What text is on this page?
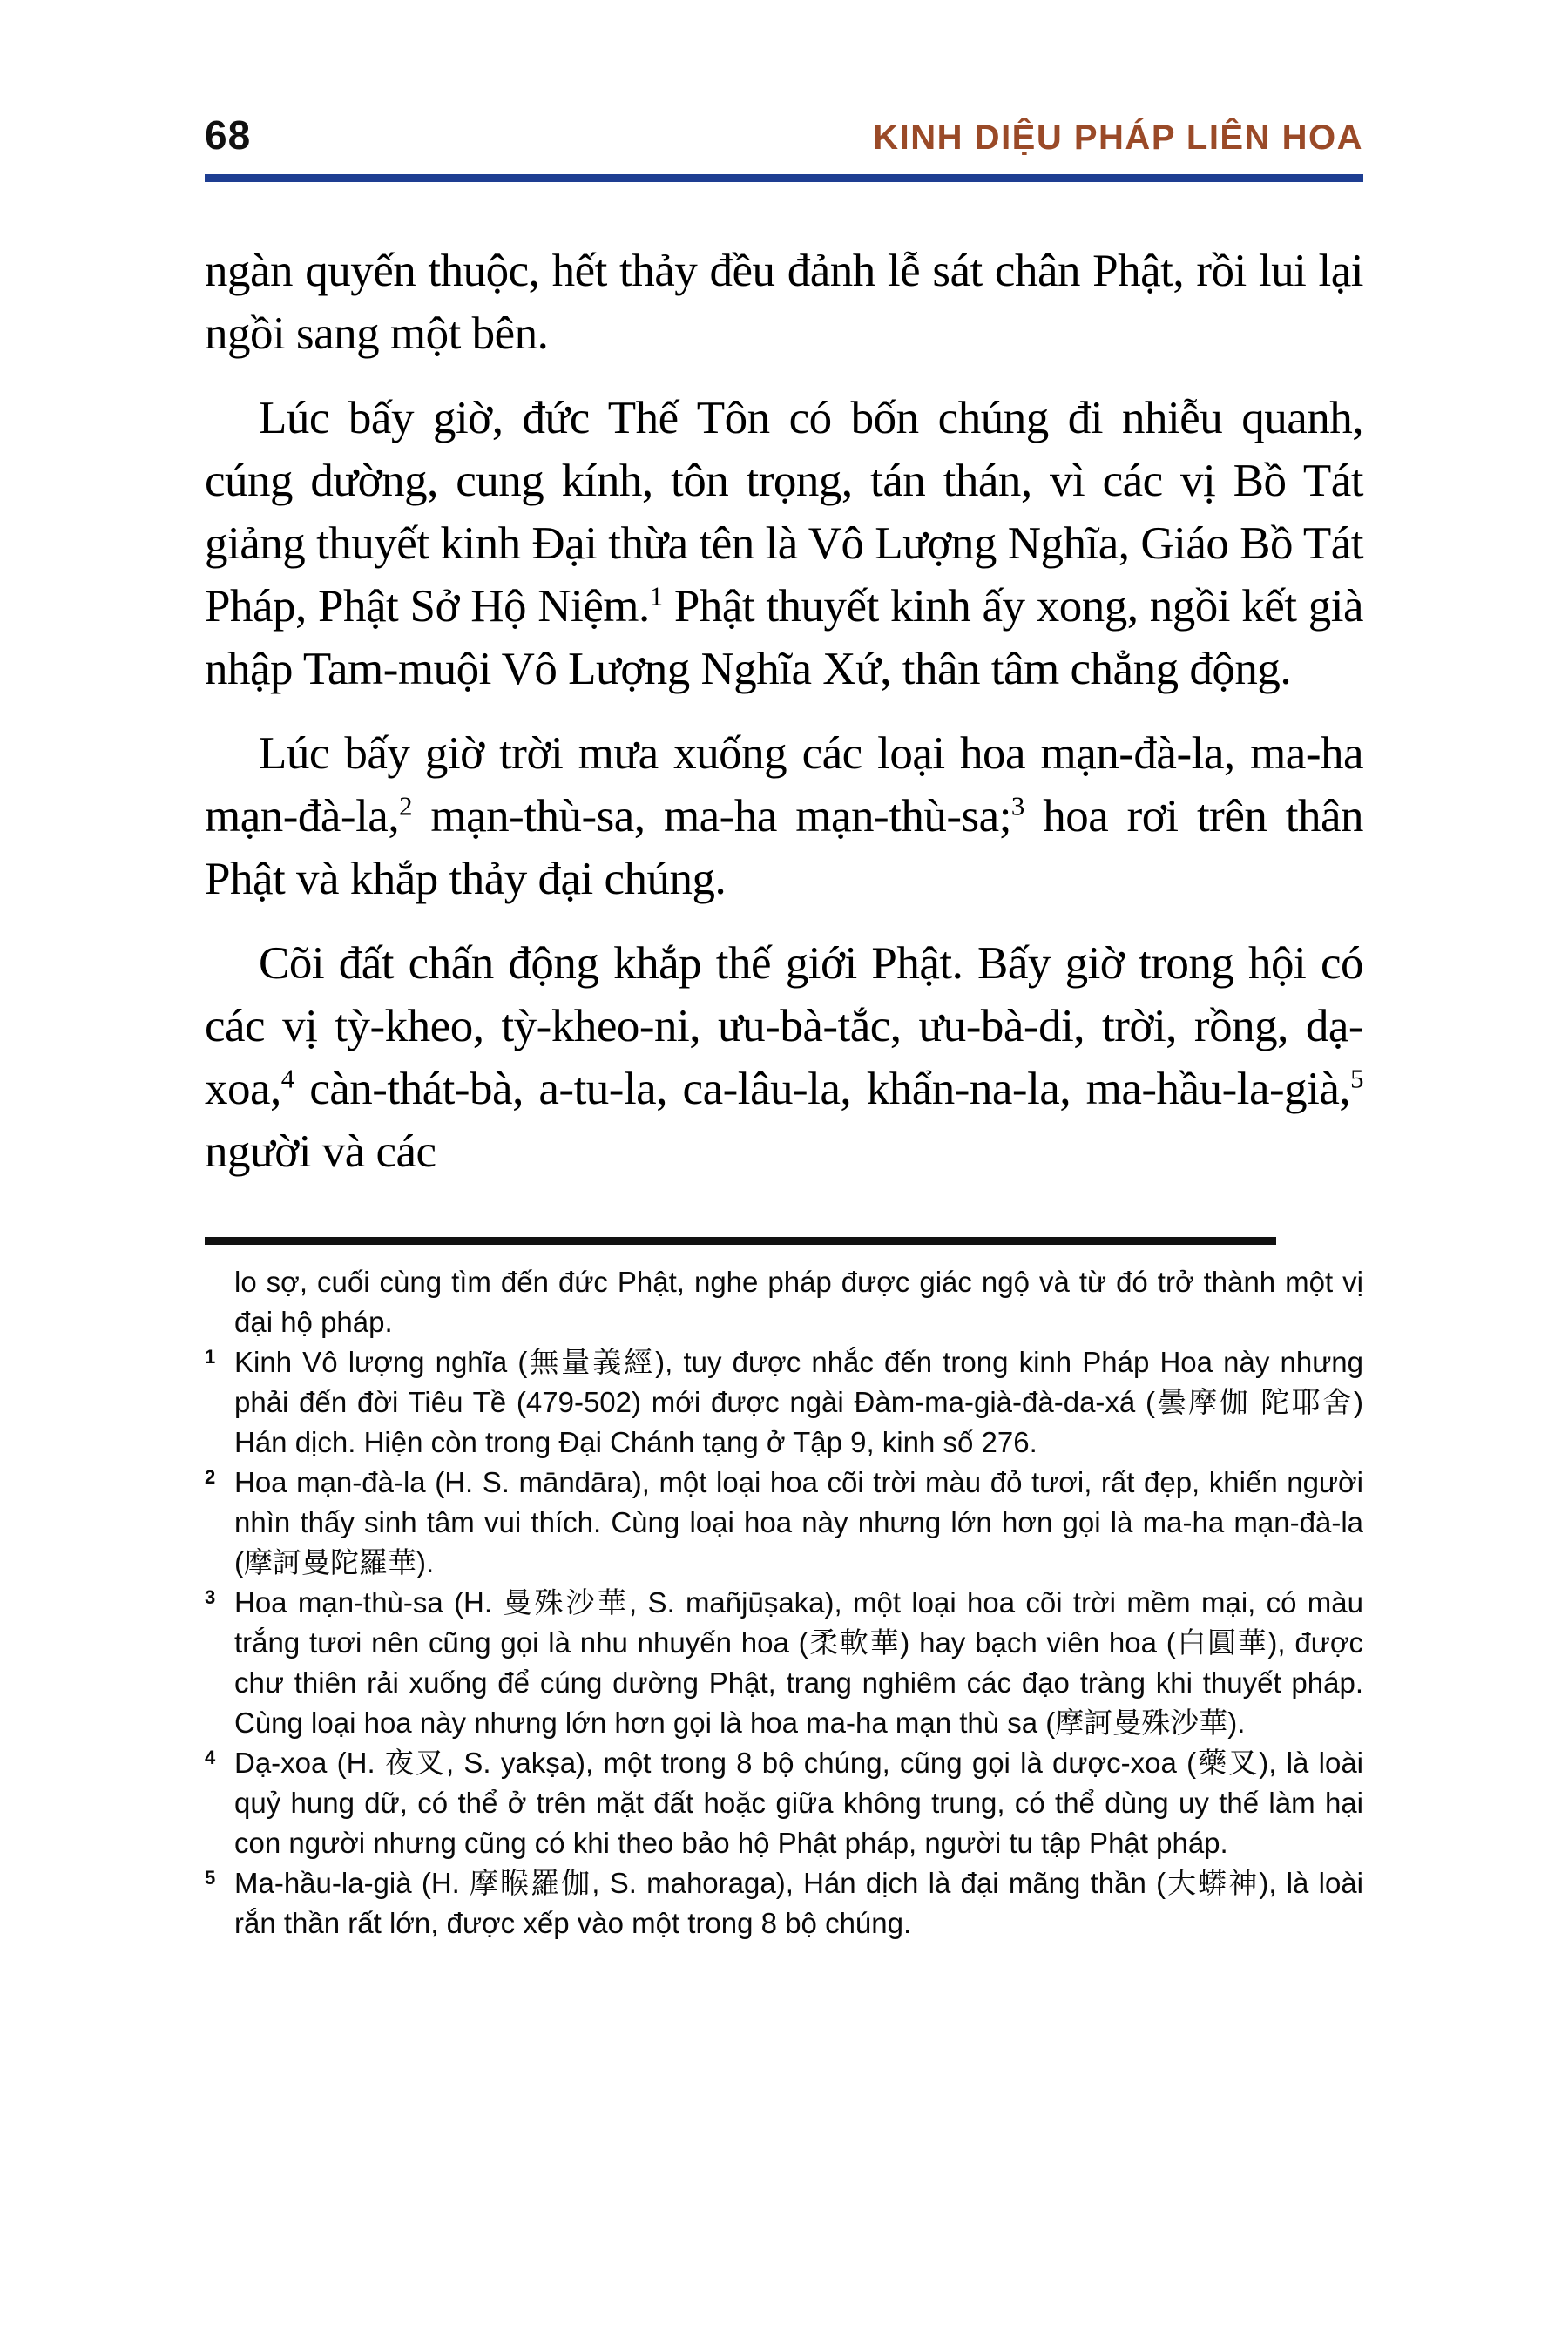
68	KINH DIỆU PHÁP LIÊN HOA

ngàn quyến thuộc, hết thảy đều đảnh lễ sát chân Phật, rồi lui lại ngồi sang một bên.

Lúc bấy giờ, đức Thế Tôn có bốn chúng đi nhiễu quanh, cúng dường, cung kính, tôn trọng, tán thán, vì các vị Bồ Tát giảng thuyết kinh Đại thừa tên là Vô Lượng Nghĩa, Giáo Bồ Tát Pháp, Phật Sở Hộ Niệm.$^1$ Phật thuyết kinh ấy xong, ngồi kết già nhập Tam-muội Vô Lượng Nghĩa Xứ, thân tâm chẳng động.

Lúc bấy giờ trời mưa xuống các loại hoa mạn-đà-la, ma-ha mạn-đà-la,$^2$ mạn-thù-sa, ma-ha mạn-thù-sa;$^3$ hoa rơi trên thân Phật và khắp thảy đại chúng.

Cõi đất chấn động khắp thế giới Phật. Bấy giờ trong hội có các vị tỳ-kheo, tỳ-kheo-ni, ưu-bà-tắc, ưu-bà-di, trời, rồng, dạ-xoa,$^4$ càn-thát-bà, a-tu-la, ca-lâu-la, khẩn-na-la, ma-hầu-la-già,$^5$ người và các

lo sợ, cuối cùng tìm đến đức Phật, nghe pháp được giác ngộ và từ đó trở thành một vị đại hộ pháp.
1 Kinh Vô lượng nghĩa (無量義經), tuy được nhắc đến trong kinh Pháp Hoa này nhưng phải đến đời Tiêu Tề (479-502) mới được ngài Đàm-ma-già-đà-da-xá (曇摩伽 陀耶舍) Hán dịch. Hiện còn trong Đại Chánh tạng ở Tập 9, kinh số 276.
2 Hoa mạn-đà-la (H. S. māndāra), một loại hoa cõi trời màu đỏ tươi, rất đẹp, khiến người nhìn thấy sinh tâm vui thích. Cùng loại hoa này nhưng lớn hơn gọi là ma-ha mạn-đà-la (摩訶曼陀羅華).
3 Hoa mạn-thù-sa (H. 曼殊沙華, S. mañjūṣaka), một loại hoa cõi trời mềm mại, có màu trắng tươi nên cũng gọi là nhu nhuyến hoa (柔軟華) hay bạch viên hoa (白圓華), được chư thiên rải xuống để cúng dường Phật, trang nghiêm các đạo tràng khi thuyết pháp. Cùng loại hoa này nhưng lớn hơn gọi là hoa ma-ha mạn thù sa (摩訶曼殊沙華).
4 Dạ-xoa (H. 夜叉, S. yakṣa), một trong 8 bộ chúng, cũng gọi là dược-xoa (藥叉), là loài quỷ hung dữ, có thể ở trên mặt đất hoặc giữa không trung, có thể dùng uy thế làm hại con người nhưng cũng có khi theo bảo hộ Phật pháp, người tu tập Phật pháp.
5 Ma-hầu-la-già (H. 摩睺羅伽, S. mahoraga), Hán dịch là đại mãng thần (大蟒神), là loài rắn thần rất lớn, được xếp vào một trong 8 bộ chúng.
